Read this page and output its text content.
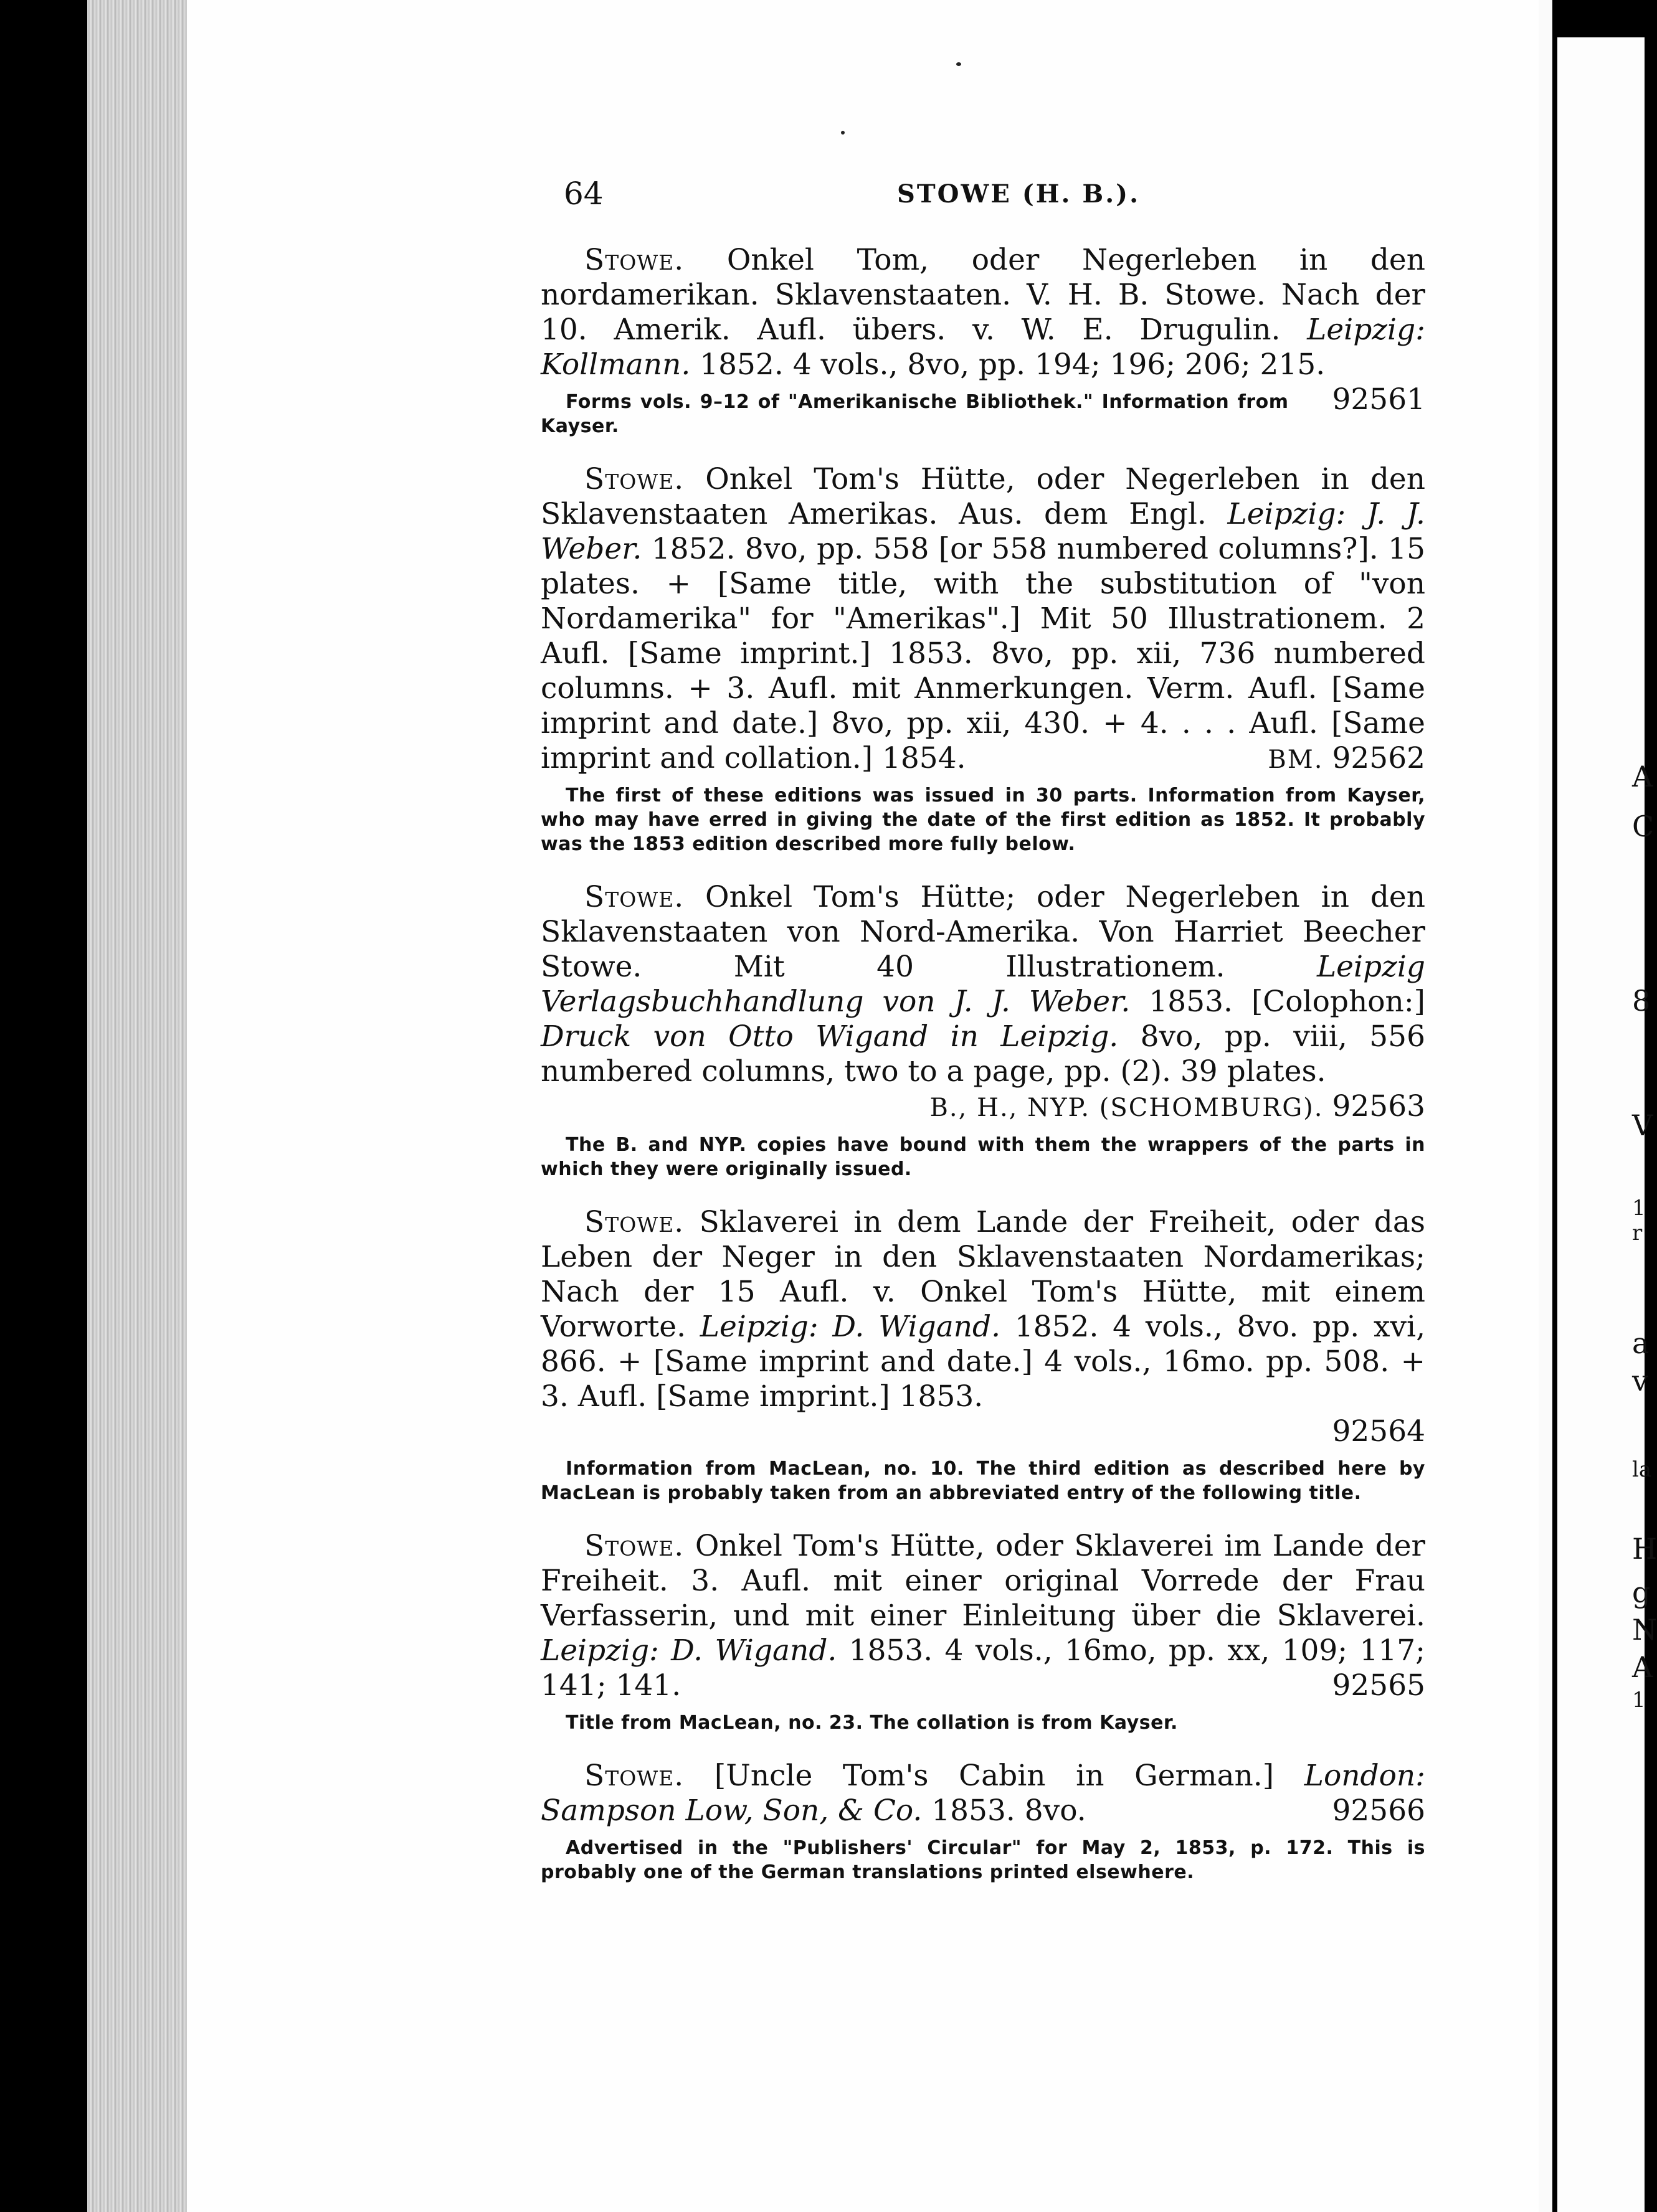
A
C
8
V
1
r
a
v
la
H
g
N
A
1
64	STOWE (H. B.).

Stowe. Onkel Tom, oder Negerleben in den nordamerikan. Sklavenstaaten. V. H. B. Stowe. Nach der 10. Amerik. Aufl. übers. v. W. E. Drugulin. Leipzig: Kollmann. 1852. 4 vols., 8vo, pp. 194; 196; 206; 215.
92561

Forms vols. 9–12 of "Amerikanische Bibliothek." Information from Kayser.

Stowe. Onkel Tom's Hütte, oder Negerleben in den Sklavenstaaten Amerikas. Aus. dem Engl. Leipzig: J. J. Weber. 1852. 8vo, pp. 558 [or 558 numbered columns?]. 15 plates. + [Same title, with the substitution of "von Nordamerika" for "Amerikas".] Mit 50 Illustrationem. 2 Aufl. [Same imprint.] 1853. 8vo, pp. xii, 736 numbered columns. + 3. Aufl. mit Anmerkungen. Verm. Aufl. [Same imprint and date.] 8vo, pp. xii, 430. + 4. . . . Aufl. [Same imprint and collation.] 1854.	BM. 92562

The first of these editions was issued in 30 parts. Information from Kayser, who may have erred in giving the date of the first edition as 1852. It probably was the 1853 edition described more fully below.

Stowe. Onkel Tom's Hütte; oder Negerleben in den Sklavenstaaten von Nord-Amerika. Von Harriet Beecher Stowe. Mit 40 Illustrationem. Leipzig Verlagsbuchhandlung von J. J. Weber. 1853. [Colophon:] Druck von Otto Wigand in Leipzig. 8vo, pp. viii, 556 numbered columns, two to a page, pp. (2). 39 plates.

B., H., NYP. (SCHOMBURG). 92563

The B. and NYP. copies have bound with them the wrappers of the parts in which they were originally issued.

Stowe. Sklaverei in dem Lande der Freiheit, oder das Leben der Neger in den Sklavenstaaten Nordamerikas; Nach der 15 Aufl. v. Onkel Tom's Hütte, mit einem Vorworte. Leipzig: D. Wigand. 1852. 4 vols., 8vo. pp. xvi, 866. + [Same imprint and date.] 4 vols., 16mo. pp. 508. + 3. Aufl. [Same imprint.] 1853.

92564

Information from MacLean, no. 10. The third edition as described here by MacLean is probably taken from an abbreviated entry of the following title.

Stowe. Onkel Tom's Hütte, oder Sklaverei im Lande der Freiheit. 3. Aufl. mit einer original Vorrede der Frau Verfasserin, und mit einer Einleitung über die Sklaverei. Leipzig: D. Wigand. 1853. 4 vols., 16mo, pp. xx, 109; 117; 141; 141.	92565

Title from MacLean, no. 23. The collation is from Kayser.

Stowe. [Uncle Tom's Cabin in German.] London: Sampson Low, Son, & Co. 1853. 8vo.	92566

Advertised in the "Publishers' Circular" for May 2, 1853, p. 172. This is probably one of the German translations printed elsewhere.
